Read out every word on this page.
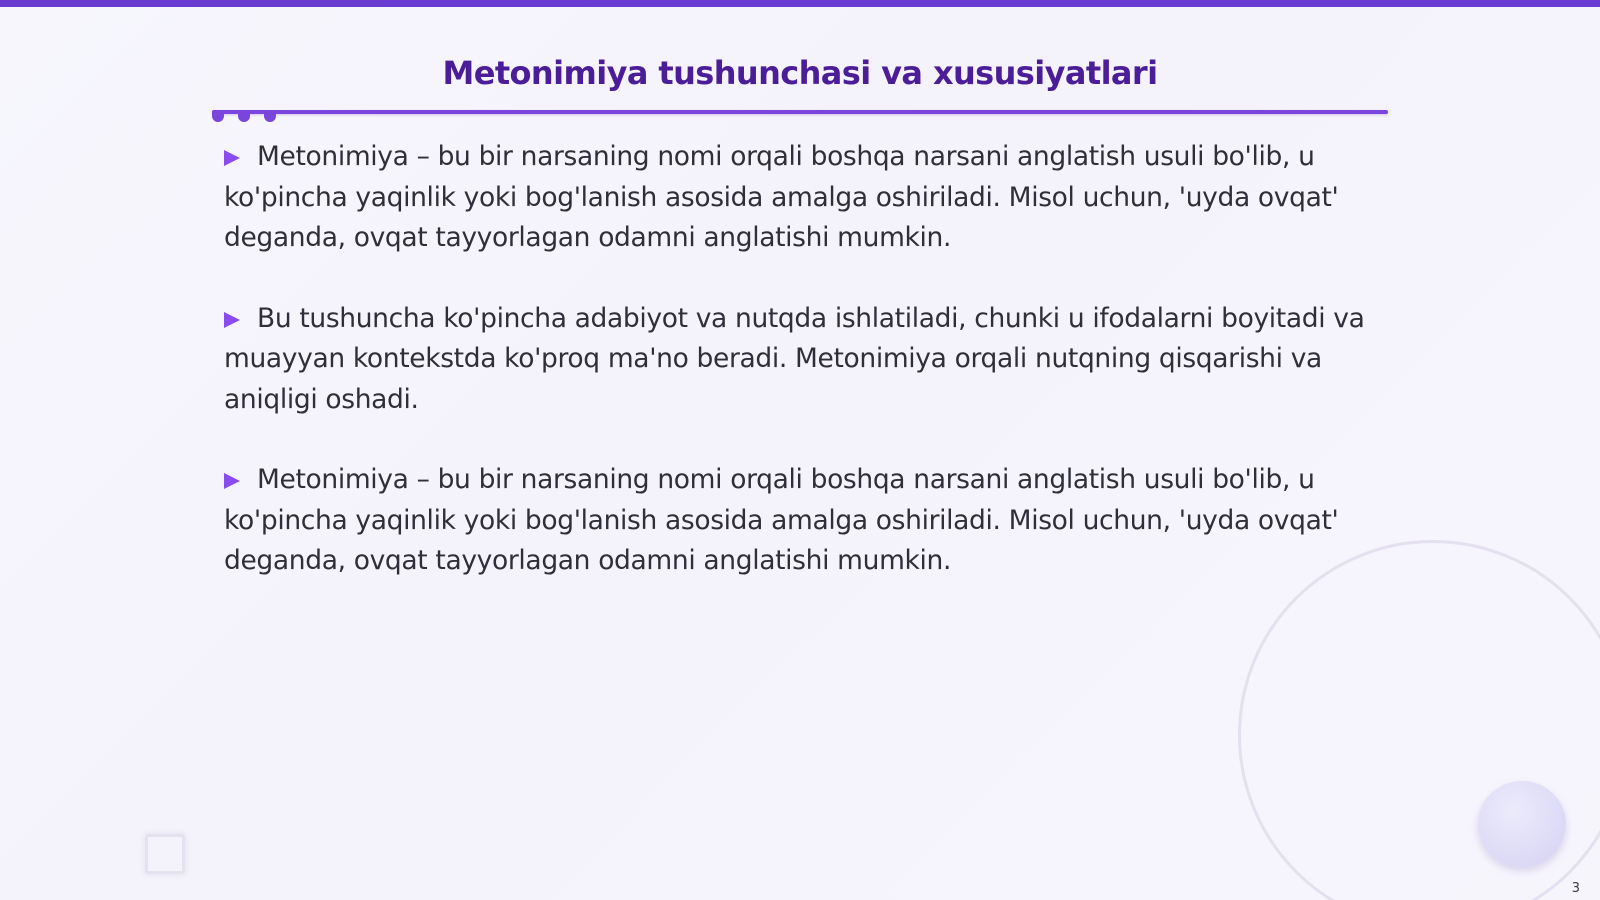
Metonimiya tushunchasi va xususiyatlari

Metonimiya – bu bir narsaning nomi orqali boshqa narsani anglatish usuli bo'lib, u ko'pincha yaqinlik yoki bog'lanish asosida amalga oshiriladi. Misol uchun, 'uyda ovqat' deganda, ovqat tayyorlagan odamni anglatishi mumkin.

Bu tushuncha ko'pincha adabiyot va nutqda ishlatiladi, chunki u ifodalarni boyitadi va muayyan kontekstda ko'proq ma'no beradi. Metonimiya orqali nutqning qisqarishi va aniqligi oshadi.

Metonimiya – bu bir narsaning nomi orqali boshqa narsani anglatish usuli bo'lib, u ko'pincha yaqinlik yoki bog'lanish asosida amalga oshiriladi. Misol uchun, 'uyda ovqat' deganda, ovqat tayyorlagan odamni anglatishi mumkin.

3
